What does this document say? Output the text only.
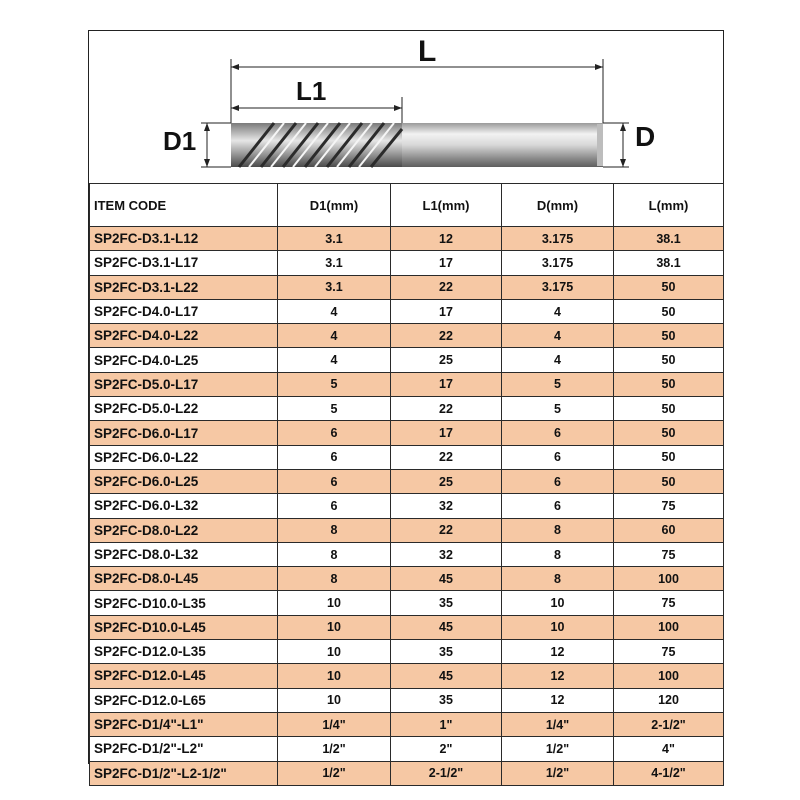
L
L1
D1	D
ITEM CODE	D1(mm)	L1(mm)	D(mm)	L(mm)
SP2FC-D3.1-L12	3.1	12	3.175	38.1
SP2FC-D3.1-L17	3.1	17	3.175	38.1
SP2FC-D3.1-L22	3.1	22	3.175	50
SP2FC-D4.0-L17	4	17	4	50
SP2FC-D4.0-L22	4	22	4	50
SP2FC-D4.0-L25	4	25	4	50
SP2FC-D5.0-L17	5	17	5	50
SP2FC-D5.0-L22	5	22	5	50
SP2FC-D6.0-L17	6	17	6	50
SP2FC-D6.0-L22	6	22	6	50
SP2FC-D6.0-L25	6	25	6	50
SP2FC-D6.0-L32	6	32	6	75
SP2FC-D8.0-L22	8	22	8	60
SP2FC-D8.0-L32	8	32	8	75
SP2FC-D8.0-L45	8	45	8	100
SP2FC-D10.0-L35	10	35	10	75
SP2FC-D10.0-L45	10	45	10	100
SP2FC-D12.0-L35	10	35	12	75
SP2FC-D12.0-L45	10	45	12	100
SP2FC-D12.0-L65	10	35	12	120
SP2FC-D1/4"-L1"	1/4"	1"	1/4"	2-1/2"
SP2FC-D1/2"-L2"	1/2"	2"	1/2"	4"
SP2FC-D1/2"-L2-1/2"	1/2"	2-1/2"	1/2"	4-1/2"
